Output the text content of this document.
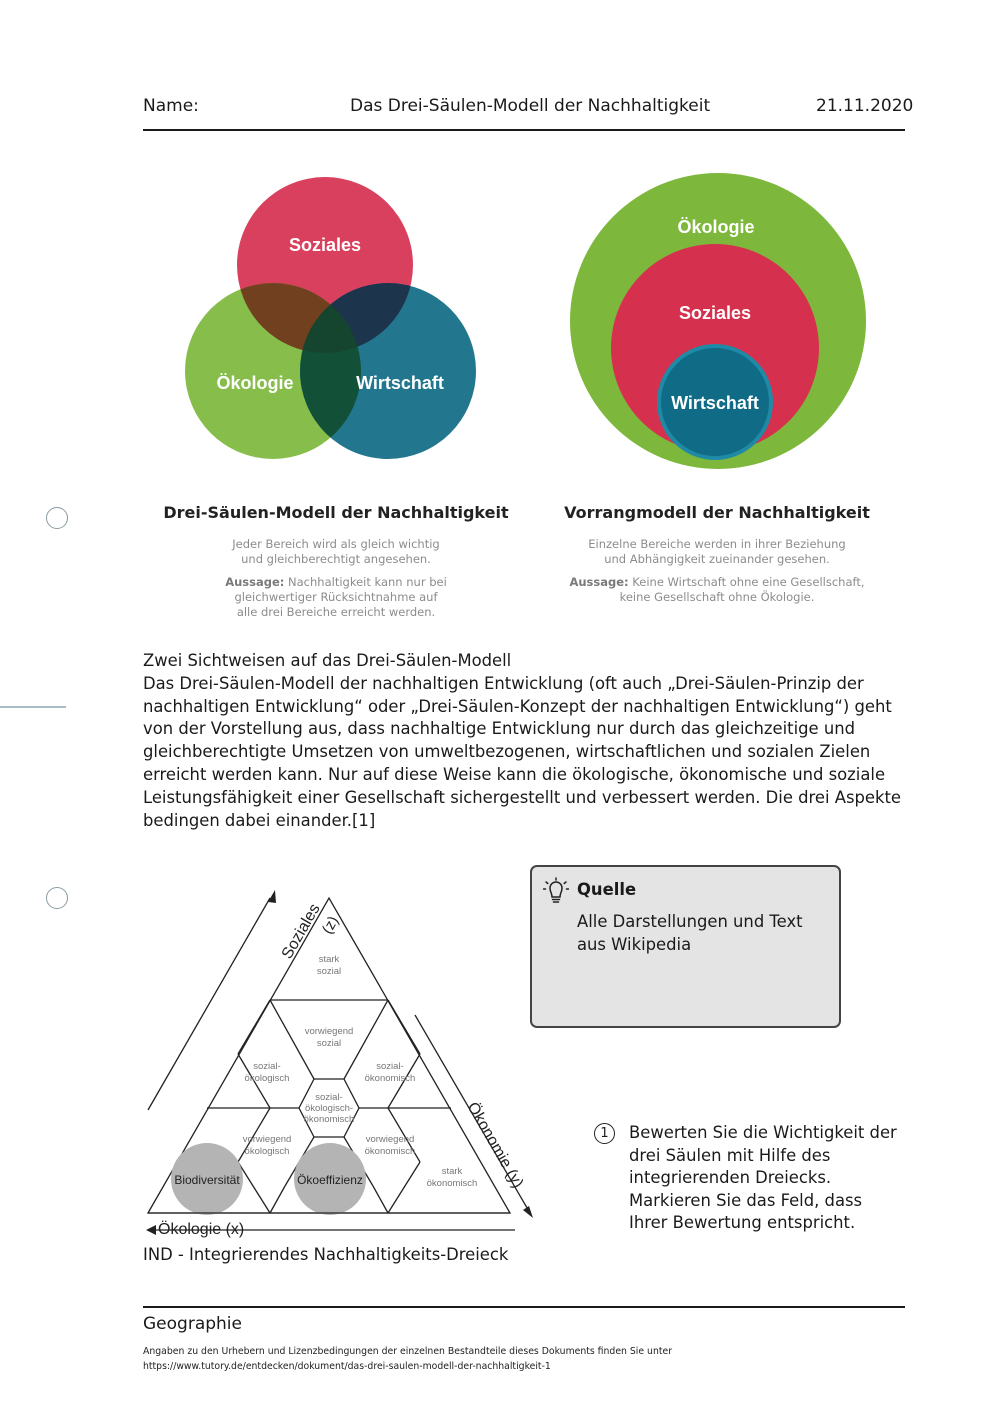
Name:	Das Drei-Säulen-Modell der Nachhaltigkeit	21.11.2020
Soziales
Ökologie	Wirtschaft
Ökologie
Soziales
Wirtschaft
Drei-Säulen-Modell der Nachhaltigkeit
Jeder Bereich wird als gleich wichtig
und gleichberechtigt angesehen.
Aussage: Nachhaltigkeit kann nur bei
gleichwertiger Rücksichtnahme auf
alle drei Bereiche erreicht werden.
Vorrangmodell der Nachhaltigkeit
Einzelne Bereiche werden in ihrer Beziehung
und Abhängigkeit zueinander gesehen.
Aussage: Keine Wirtschaft ohne eine Gesellschaft,
keine Gesellschaft ohne Ökologie.
Zwei Sichtweisen auf das Drei-Säulen-Modell
Das Drei-Säulen-Modell der nachhaltigen Entwicklung (oft auch „Drei-Säulen-Prinzip der
nachhaltigen Entwicklung“ oder „Drei-Säulen-Konzept der nachhaltigen Entwicklung“) geht
von der Vorstellung aus, dass nachhaltige Entwicklung nur durch das gleichzeitige und
gleichberechtigte Umsetzen von umweltbezogenen, wirtschaftlichen und sozialen Zielen
erreicht werden kann. Nur auf diese Weise kann die ökologische, ökonomische und soziale
Leistungsfähigkeit einer Gesellschaft sichergestellt und verbessert werden. Die drei Aspekte
bedingen dabei einander.[1]
stark
sozial
vorwiegend
sozial
sozial-
ökologisch
sozial-
ökonomisch
sozial-
ökologisch-
ökonomisch
vorwiegend
ökologisch
vorwiegend
ökonomisch
stark
ökonomisch
Biodiversität	Ökoeffizienz
Soziales
(z)
Ökonomie (y)
Ökologie (x)
IND - Integrierendes Nachhaltigkeits-Dreieck
Quelle
Alle Darstellungen und Text
aus Wikipedia
1	Bewerten Sie die Wichtigkeit der
drei Säulen mit Hilfe des
integrierenden Dreiecks.
Markieren Sie das Feld, dass
Ihrer Bewertung entspricht.
Geographie
Angaben zu den Urhebern und Lizenzbedingungen der einzelnen Bestandteile dieses Dokuments finden Sie unter
https://www.tutory.de/entdecken/dokument/das-drei-saulen-modell-der-nachhaltigkeit-1
